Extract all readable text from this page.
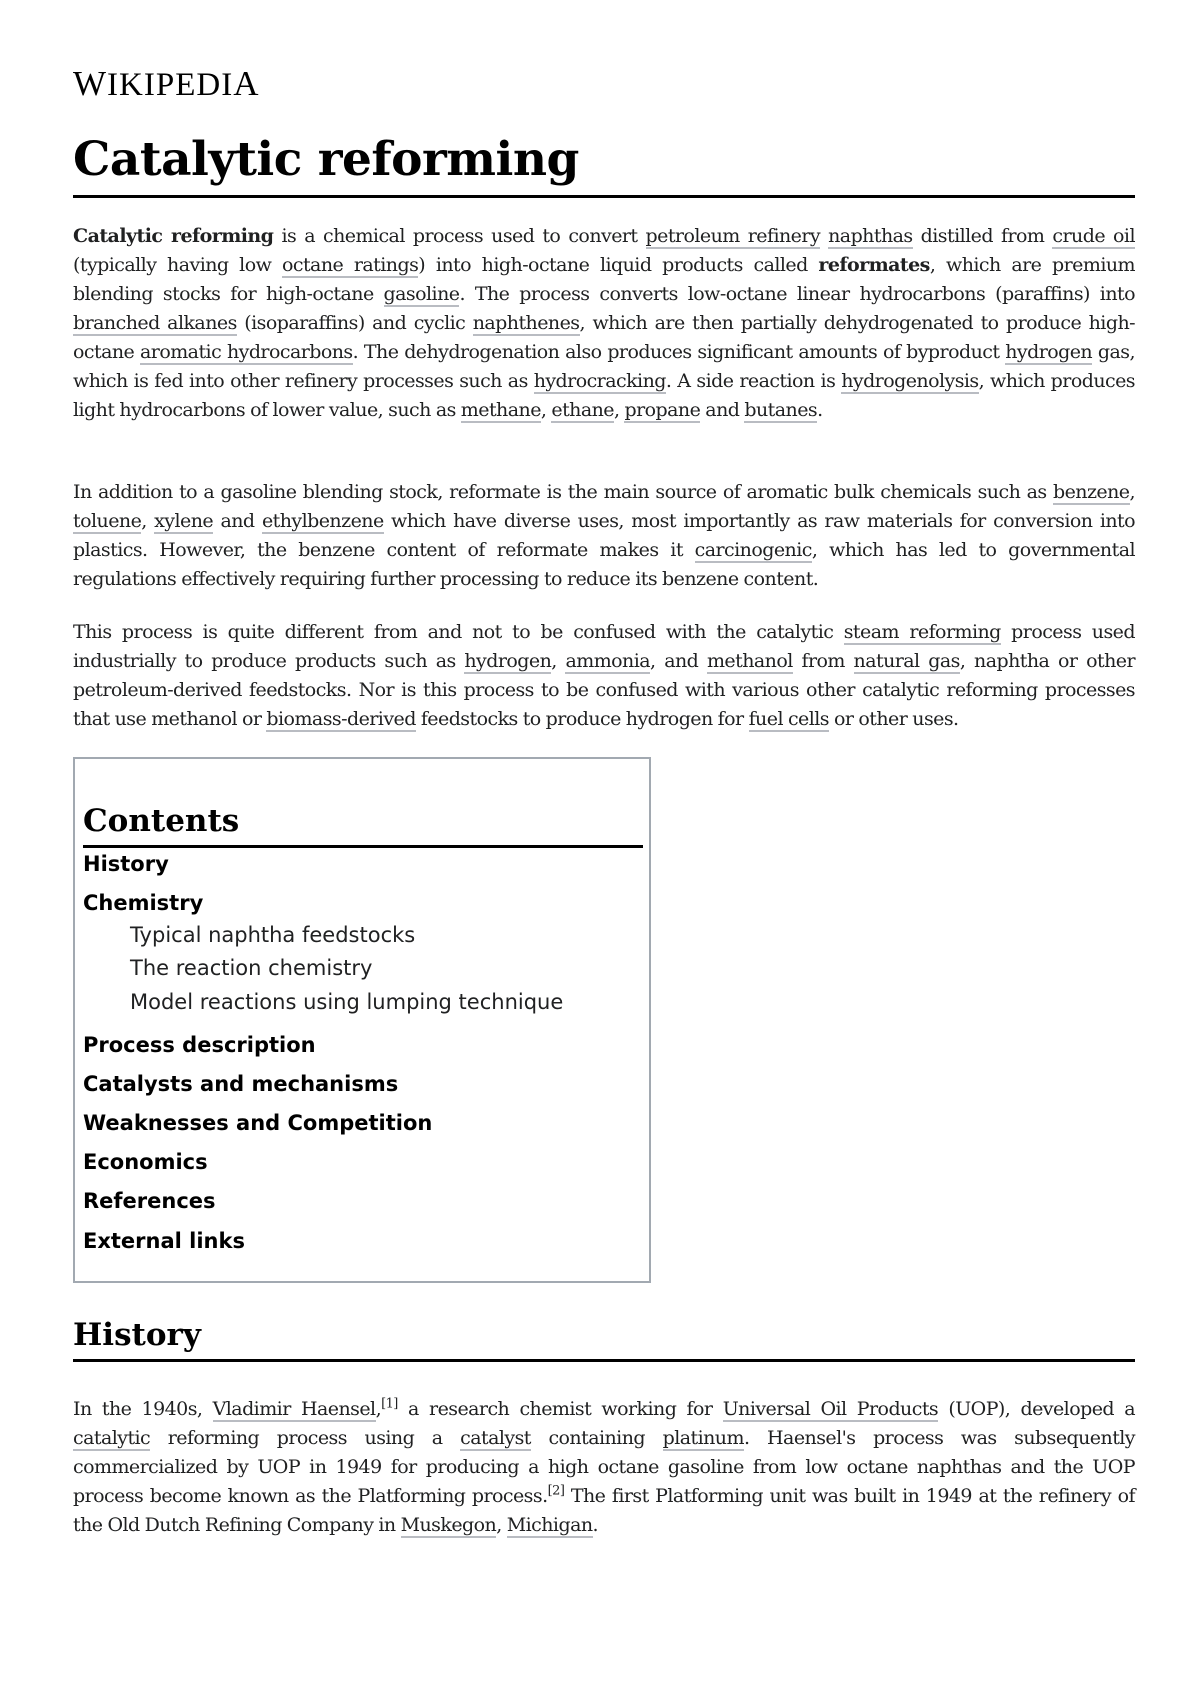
WIKIPEDIA
Catalytic reforming

Catalytic reforming is a chemical process used to convert petroleum refinery naphthas distilled from crude oil (typically having low octane ratings) into high-octane liquid products called reformates, which are premium blending stocks for high-octane gasoline. The process converts low-octane linear hydrocarbons (paraffins) into branched alkanes (isoparaffins) and cyclic naphthenes, which are then partially dehydrogenated to produce high-octane aromatic hydrocarbons. The dehydrogenation also produces significant amounts of byproduct hydrogen gas, which is fed into other refinery processes such as hydrocracking. A side reaction is hydrogenolysis, which produces light hydrocarbons of lower value, such as methane, ethane, propane and butanes.

In addition to a gasoline blending stock, reformate is the main source of aromatic bulk chemicals such as benzene, toluene, xylene and ethylbenzene which have diverse uses, most importantly as raw materials for conversion into plastics. However, the benzene content of reformate makes it carcinogenic, which has led to governmental regulations effectively requiring further processing to reduce its benzene content.

This process is quite different from and not to be confused with the catalytic steam reforming process used industrially to produce products such as hydrogen, ammonia, and methanol from natural gas, naphtha or other petroleum-derived feedstocks. Nor is this process to be confused with various other catalytic reforming processes that use methanol or biomass-derived feedstocks to produce hydrogen for fuel cells or other uses.

Contents
History
Chemistry
Typical naphtha feedstocks
The reaction chemistry
Model reactions using lumping technique
Process description
Catalysts and mechanisms
Weaknesses and Competition
Economics
References
External links
History

In the 1940s, Vladimir Haensel,[1] a research chemist working for Universal Oil Products (UOP), developed a catalytic reforming process using a catalyst containing platinum. Haensel's process was subsequently commercialized by UOP in 1949 for producing a high octane gasoline from low octane naphthas and the UOP process become known as the Platforming process.[2] The first Platforming unit was built in 1949 at the refinery of the Old Dutch Refining Company in Muskegon, Michigan.
